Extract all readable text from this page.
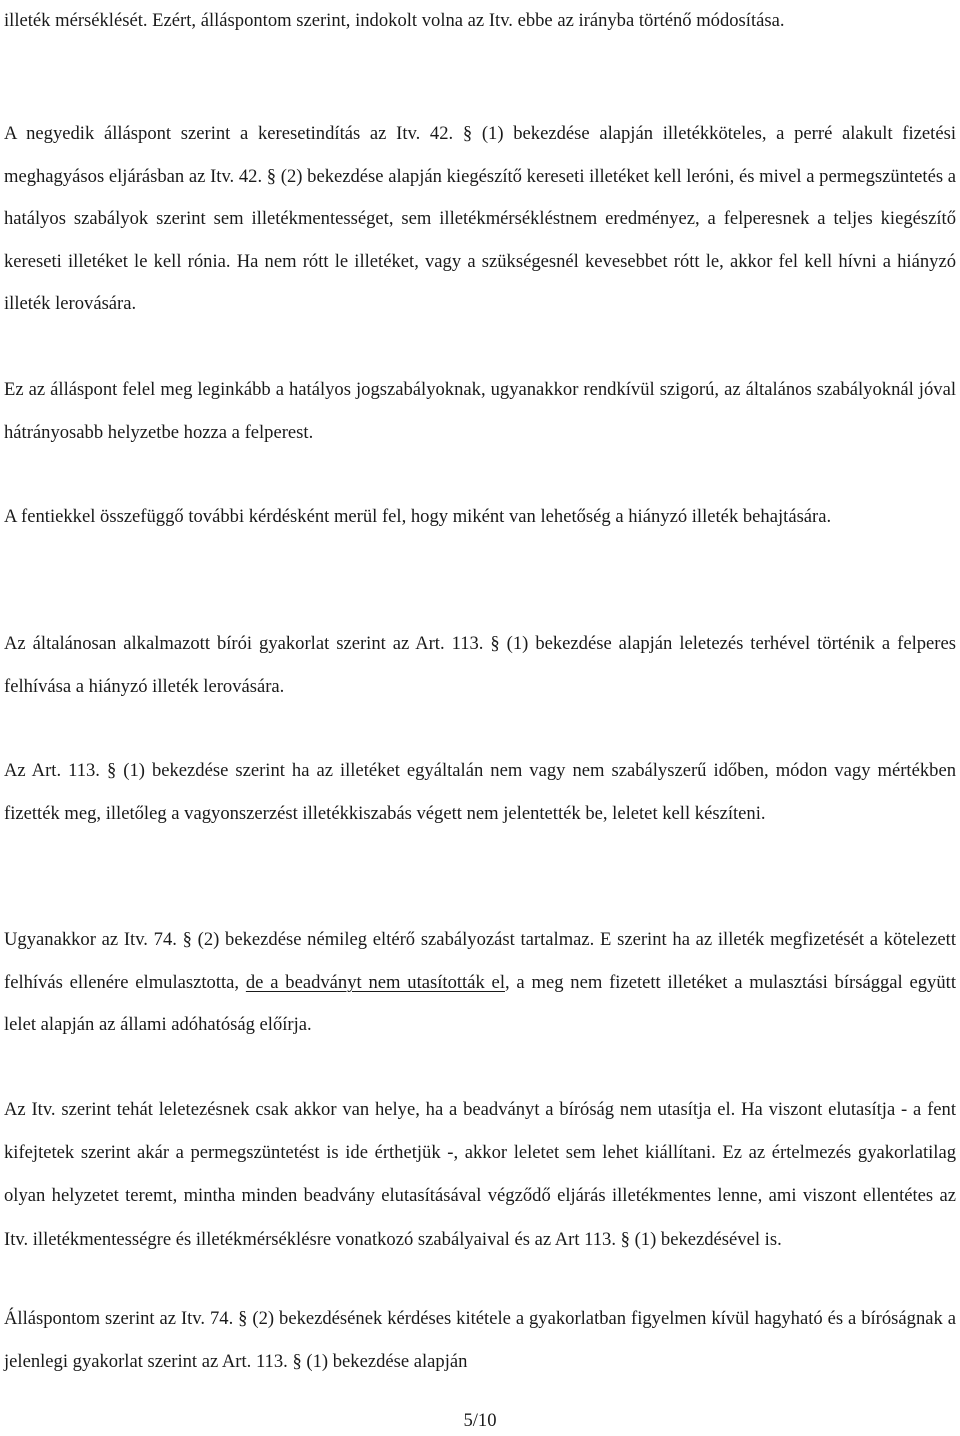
illeték mérséklését. Ezért, álláspontom szerint, indokolt volna az Itv. ebbe az irányba történő módosítása.

A negyedik álláspont szerint a keresetindítás az Itv. 42. § (1) bekezdése alapján illetékköteles, a perré alakult fizetési meghagyásos eljárásban az Itv. 42. § (2) bekezdése alapján kiegészítő kereseti illetéket kell leróni, és mivel a permegszüntetés a hatályos szabályok szerint sem illetékmentességet, sem illetékmérsékléstnem eredményez, a felperesnek a teljes kiegészítő kereseti illetéket le kell rónia. Ha nem rótt le illetéket, vagy a szükségesnél kevesebbet rótt le, akkor fel kell hívni a hiányzó illeték lerovására.

Ez az álláspont felel meg leginkább a hatályos jogszabályoknak, ugyanakkor rendkívül szigorú, az általános szabályoknál jóval hátrányosabb helyzetbe hozza a felperest.

A fentiekkel összefüggő további kérdésként merül fel, hogy miként van lehetőség a hiányzó illeték behajtására.

Az általánosan alkalmazott bírói gyakorlat szerint az Art. 113. § (1) bekezdése alapján leletezés terhével történik a felperes felhívása a hiányzó illeték lerovására.

Az Art. 113. § (1) bekezdése szerint ha az illetéket egyáltalán nem vagy nem szabályszerű időben, módon vagy mértékben fizették meg, illetőleg a vagyonszerzést illetékkiszabás végett nem jelentették be, leletet kell készíteni.

Ugyanakkor az Itv. 74. § (2) bekezdése némileg eltérő szabályozást tartalmaz. E szerint ha az illeték megfizetését a kötelezett felhívás ellenére elmulasztotta, de a beadványt nem utasították el, a meg nem fizetett illetéket a mulasztási bírsággal együtt lelet alapján az állami adóhatóság előírja.

Az Itv. szerint tehát leletezésnek csak akkor van helye, ha a beadványt a bíróság nem utasítja el. Ha viszont elutasítja - a fent kifejtetek szerint akár a permegszüntetést is ide érthetjük -, akkor leletet sem lehet kiállítani. Ez az értelmezés gyakorlatilag olyan helyzetet teremt, mintha minden beadvány elutasításával végződő eljárás illetékmentes lenne, ami viszont ellentétes az Itv. illetékmentességre és illetékmérséklésre vonatkozó szabályaival és az Art 113. § (1) bekezdésével is.

Álláspontom szerint az Itv. 74. § (2) bekezdésének kérdéses kitétele a gyakorlatban figyelmen kívül hagyható és a bíróságnak a jelenlegi gyakorlat szerint az Art. 113. § (1) bekezdése alapján

5/10
